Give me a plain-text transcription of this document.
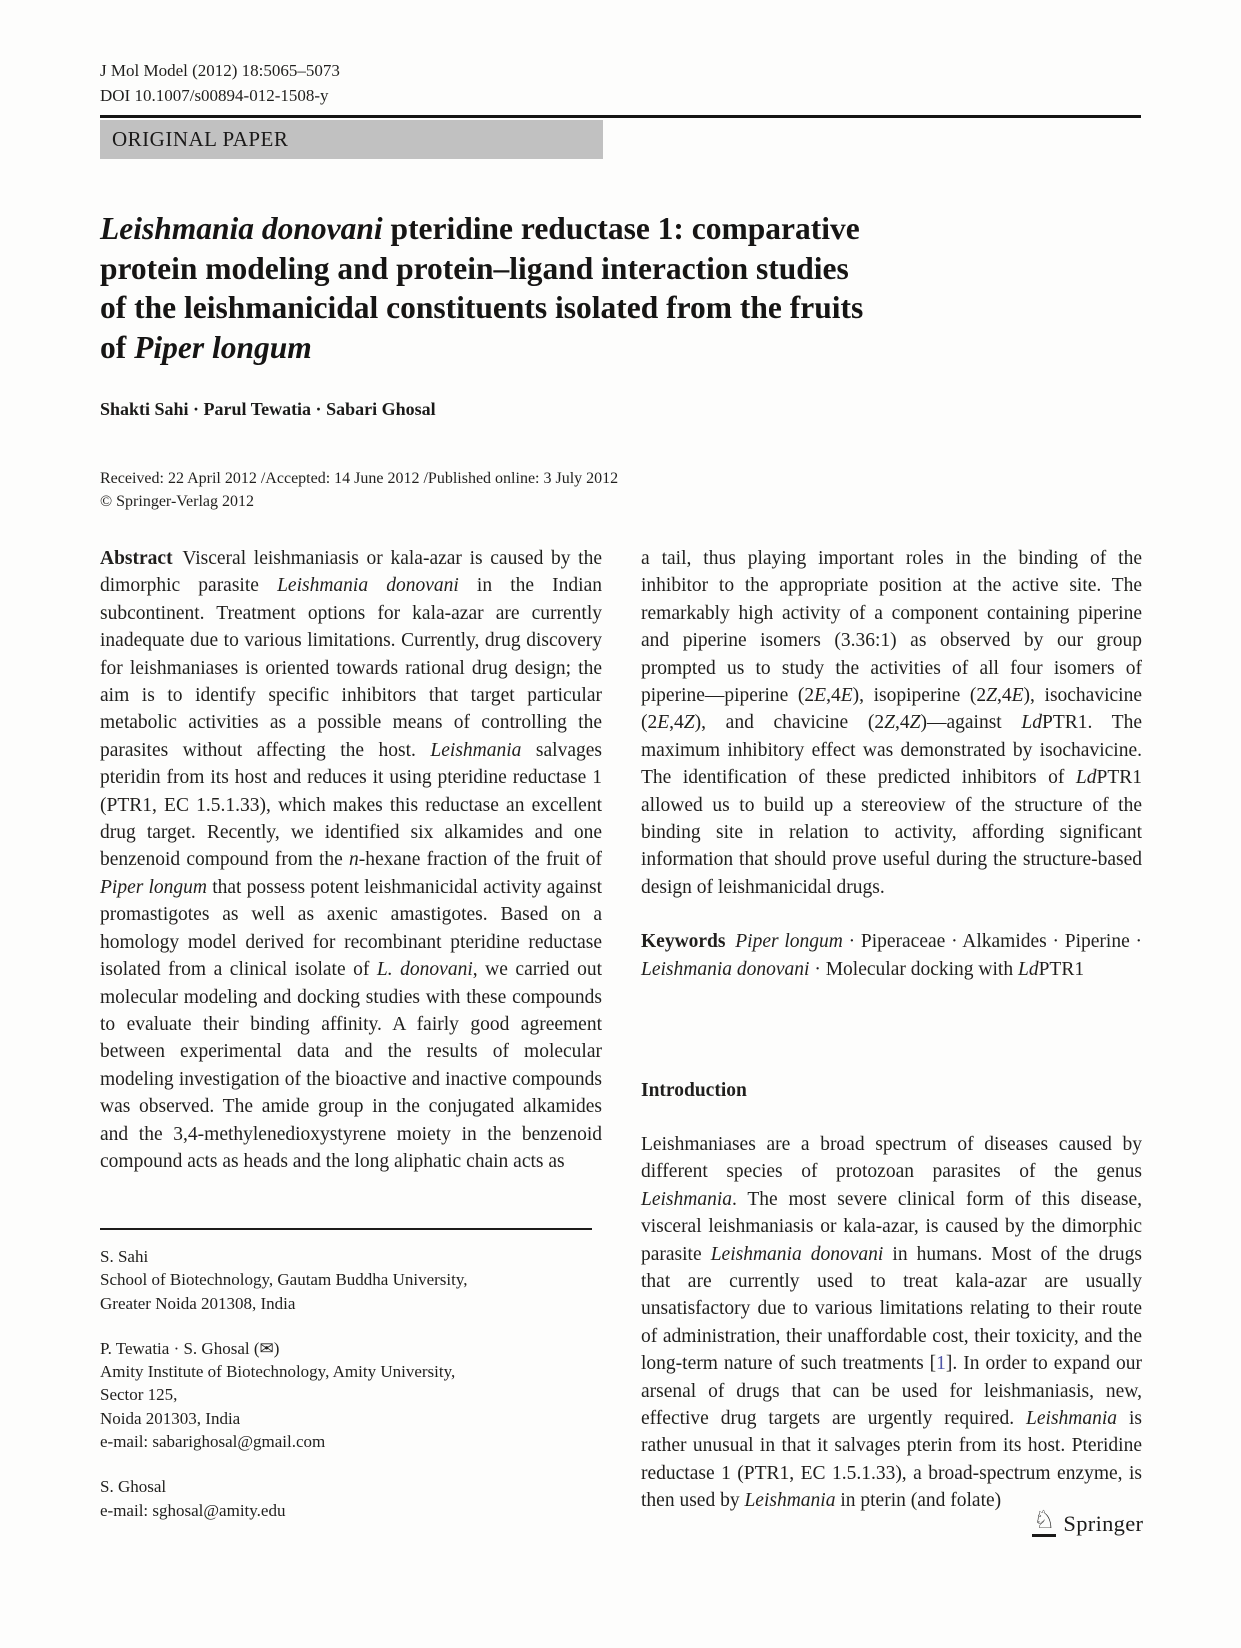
J Mol Model (2012) 18:5065–5073
DOI 10.1007/s00894-012-1508-y
ORIGINAL PAPER
Leishmania donovani pteridine reductase 1: comparative
protein modeling and protein–ligand interaction studies
of the leishmanicidal constituents isolated from the fruits
of Piper longum
Shakti Sahi · Parul Tewatia · Sabari Ghosal
Received: 22 April 2012 /Accepted: 14 June 2012 /Published online: 3 July 2012
© Springer-Verlag 2012

Abstract Visceral leishmaniasis or kala-azar is caused by the dimorphic parasite Leishmania donovani in the Indian subcontinent. Treatment options for kala-azar are currently inadequate due to various limitations. Currently, drug discovery for leishmaniases is oriented towards rational drug design; the aim is to identify specific inhibitors that target particular metabolic activities as a possible means of controlling the parasites without affecting the host. Leishmania salvages pteridin from its host and reduces it using pteridine reductase 1 (PTR1, EC 1.5.1.33), which makes this reductase an excellent drug target. Recently, we identified six alkamides and one benzenoid compound from the n-hexane fraction of the fruit of Piper longum that possess potent leishmanicidal activity against promastigotes as well as axenic amastigotes. Based on a homology model derived for recombinant pteridine reductase isolated from a clinical isolate of L. donovani, we carried out molecular modeling and docking studies with these compounds to evaluate their binding affinity. A fairly good agreement between experimental data and the results of molecular modeling investigation of the bioactive and inactive compounds was observed. The amide group in the conjugated alkamides and the 3,4-methylenedioxystyrene moiety in the benzenoid compound acts as heads and the long aliphatic chain acts as

a tail, thus playing important roles in the binding of the inhibitor to the appropriate position at the active site. The remarkably high activity of a component containing piperine and piperine isomers (3.36:1) as observed by our group prompted us to study the activities of all four isomers of piperine—piperine (2E,4E), isopiperine (2Z,4E), isochavicine (2E,4Z), and chavicine (2Z,4Z)—against LdPTR1. The maximum inhibitory effect was demonstrated by isochavicine. The identification of these predicted inhibitors of LdPTR1 allowed us to build up a stereoview of the structure of the binding site in relation to activity, affording significant information that should prove useful during the structure-based design of leishmanicidal drugs.

Keywords  Piper longum · Piperaceae · Alkamides · Piperine · Leishmania donovani · Molecular docking with LdPTR1

Introduction

Leishmaniases are a broad spectrum of diseases caused by different species of protozoan parasites of the genus Leishmania. The most severe clinical form of this disease, visceral leishmaniasis or kala-azar, is caused by the dimorphic parasite Leishmania donovani in humans. Most of the drugs that are currently used to treat kala-azar are usually unsatisfactory due to various limitations relating to their route of administration, their unaffordable cost, their toxicity, and the long-term nature of such treatments [1]. In order to expand our arsenal of drugs that can be used for leishmaniasis, new, effective drug targets are urgently required. Leishmania is rather unusual in that it salvages pterin from its host. Pteridine reductase 1 (PTR1, EC 1.5.1.33), a broad-spectrum enzyme, is then used by Leishmania in pterin (and folate)

S. Sahi
School of Biotechnology, Gautam Buddha University,
Greater Noida 201308, India
P. Tewatia · S. Ghosal (✉)
Amity Institute of Biotechnology, Amity University,
Sector 125,
Noida 201303, India
e-mail: sabarighosal@gmail.com
S. Ghosal
e-mail: sghosal@amity.edu	♘ Springer
